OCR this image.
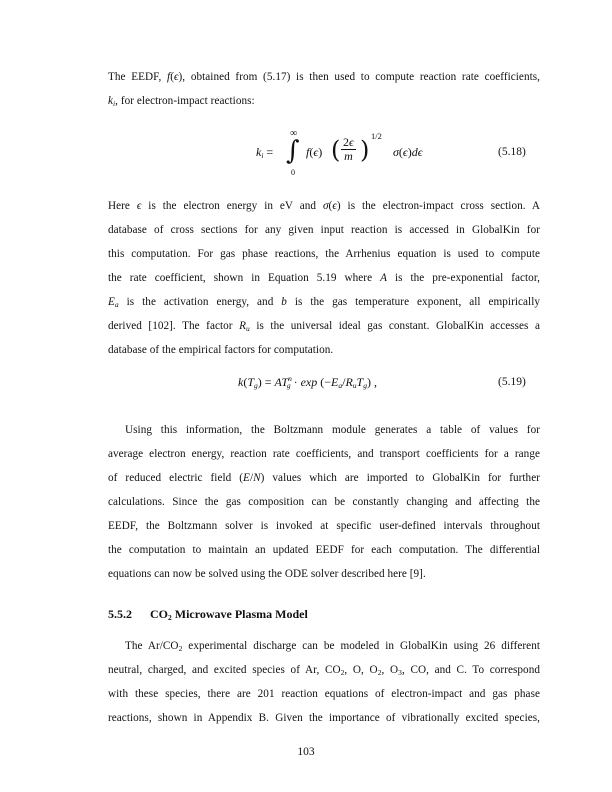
The EEDF, f(ϵ), obtained from (5.17) is then used to compute reaction rate coefficients,
$k_i$, for electron-impact reactions:
$k_i$ =
∞
∫
0
f(ϵ) ( $\frac{2\epsilon}{m}$ ) 1/2
σ(ϵ)dϵ	(5.18)
Here ϵ is the electron energy in eV and σ(ϵ) is the electron-impact cross section. A
database of cross sections for any given input reaction is accessed in GlobalKin for
this computation. For gas phase reactions, the Arrhenius equation is used to compute
the rate coefficient, shown in Equation 5.19 where A is the pre-exponential factor,
$E_a$ is the activation energy, and b is the gas temperature exponent, all empirically
derived [102]. The factor $R_u$ is the universal ideal gas constant. GlobalKin accesses a
database of the empirical factors for computation.
$k(T_g) = AT^n_g \cdot \exp (-E_a/R_uT_g)$ ,	(5.19)
Using this information, the Boltzmann module generates a table of values for
average electron energy, reaction rate coefficients, and transport coefficients for a range
of reduced electric field (E/N) values which are imported to GlobalKin for further
calculations. Since the gas composition can be constantly changing and affecting the
EEDF, the Boltzmann solver is invoked at specific user-defined intervals throughout
the computation to maintain an updated EEDF for each computation. The differential
equations can now be solved using the ODE solver described here [9].
5.5.2 $CO_2$ Microwave Plasma Model
The $Ar/CO_2$ experimental discharge can be modeled in GlobalKin using 26 different
neutral, charged, and excited species of Ar, $CO_2$, O, $O_2$, $O_3$, CO, and C. To correspond
with these species, there are 201 reaction equations of electron-impact and gas phase
reactions, shown in Appendix B. Given the importance of vibrationally excited species,
103
